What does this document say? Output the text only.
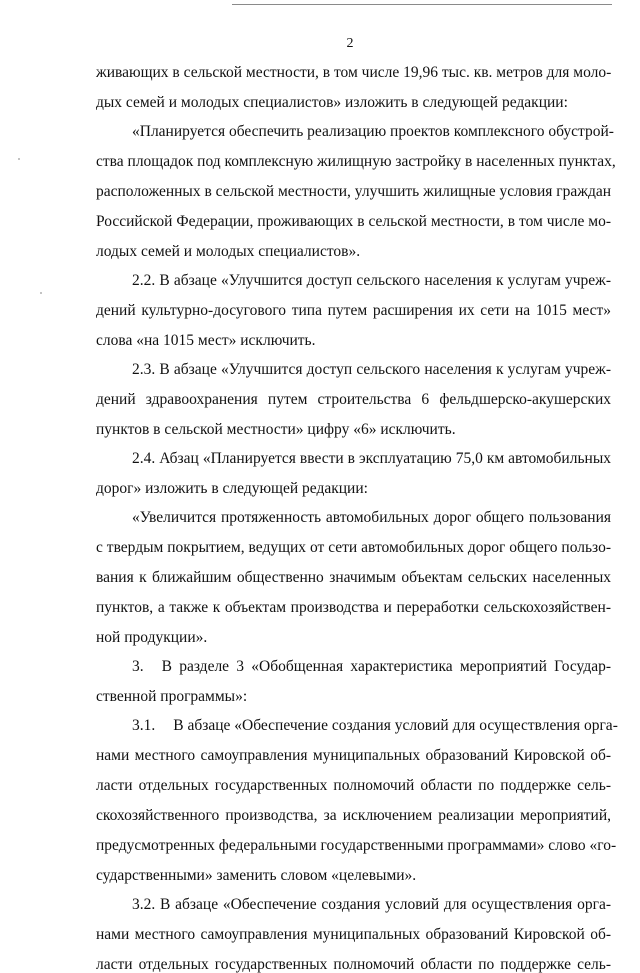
2
живающих в сельской местности, в том числе 19,96 тыс. кв. метров для моло-
дых семей и молодых специалистов» изложить в следующей редакции:
«Планируется обеспечить реализацию проектов комплексного обустрой-
ства площадок под комплексную жилищную застройку в населенных пунктах,
расположенных в сельской местности, улучшить жилищные условия граждан
Российской Федерации, проживающих в сельской местности, в том числе мо-
лодых семей и молодых специалистов».
2.2. В абзаце «Улучшится доступ сельского населения к услугам учреж-
дений культурно-досугового типа путем расширения их сети на 1015 мест»
слова «на 1015 мест» исключить.
2.3. В абзаце «Улучшится доступ сельского населения к услугам учреж-
дений здравоохранения путем строительства 6 фельдшерско-акушерских
пунктов в сельской местности» цифру «6» исключить.
2.4. Абзац «Планируется ввести в эксплуатацию 75,0 км автомобильных
дорог» изложить в следующей редакции:
«Увеличится протяженность автомобильных дорог общего пользования
с твердым покрытием, ведущих от сети автомобильных дорог общего пользо-
вания к ближайшим общественно значимым объектам сельских населенных
пунктов, а также к объектам производства и переработки сельскохозяйствен-
ной продукции».
3. В разделе 3 «Обобщенная характеристика мероприятий Государ-
ственной программы»:
3.1. В абзаце «Обеспечение создания условий для осуществления орга-
нами местного самоуправления муниципальных образований Кировской об-
ласти отдельных государственных полномочий области по поддержке сель-
скохозяйственного производства, за исключением реализации мероприятий,
предусмотренных федеральными государственными программами» слово «го-
сударственными» заменить словом «целевыми».
3.2. В абзаце «Обеспечение создания условий для осуществления орга-
нами местного самоуправления муниципальных образований Кировской об-
ласти отдельных государственных полномочий области по поддержке сель-
